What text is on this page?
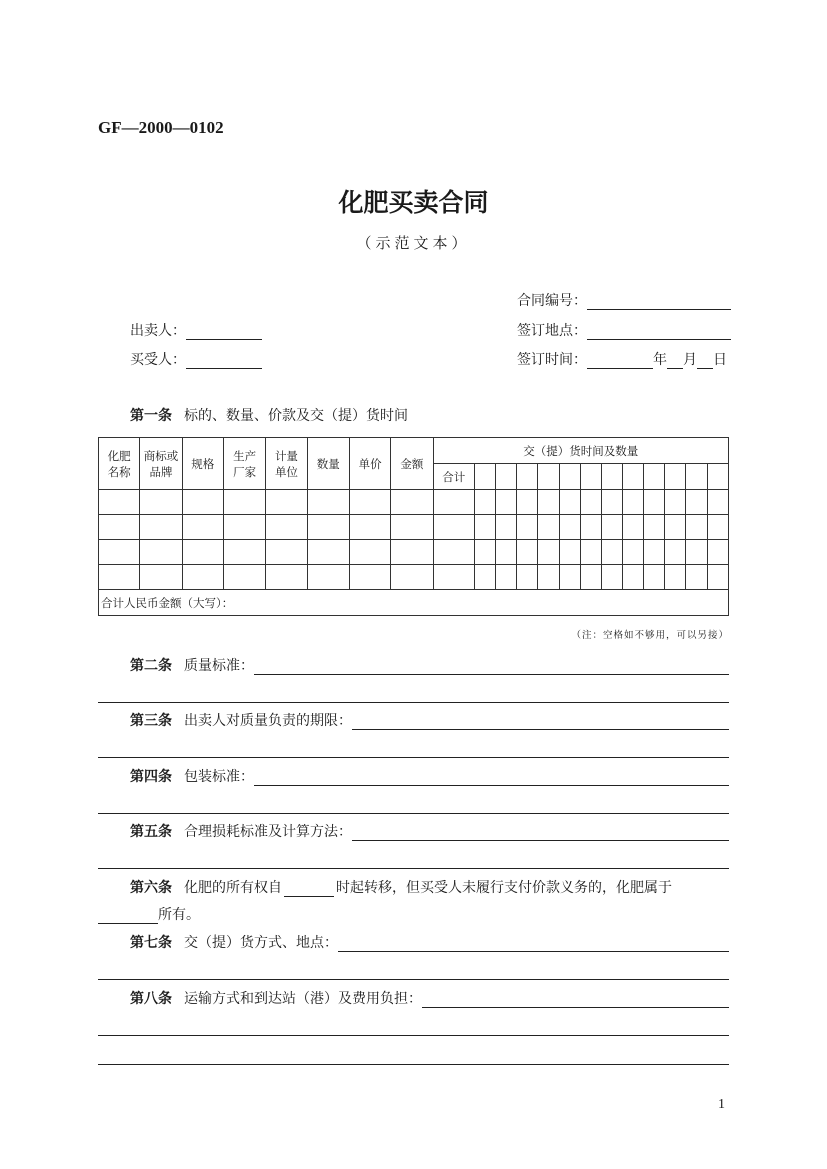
GF—2000—0102
化肥买卖合同
（示范文本）
合同编号：
签订地点：
签订时间：	年 月 日
出卖人：
买受人：
第一条 标的、数量、价款及交（提）货时间
化肥名称	商标或品牌	规格	生产厂家	计量单位	数量	单价	金额	交（提）货时间及数量												
								合计												

合计人民币金额（大写）：																				
（注：空格如不够用，可以另接）
第二条 质量标准：
第三条 出卖人对质量负责的期限：
第四条 包装标准：
第五条 合理损耗标准及计算方法：
第六条 化肥的所有权自	时起转移，但买受人未履行支付价款义务的，化肥属于
所有。
第七条 交（提）货方式、地点：
第八条 运输方式和到达站（港）及费用负担：
1
